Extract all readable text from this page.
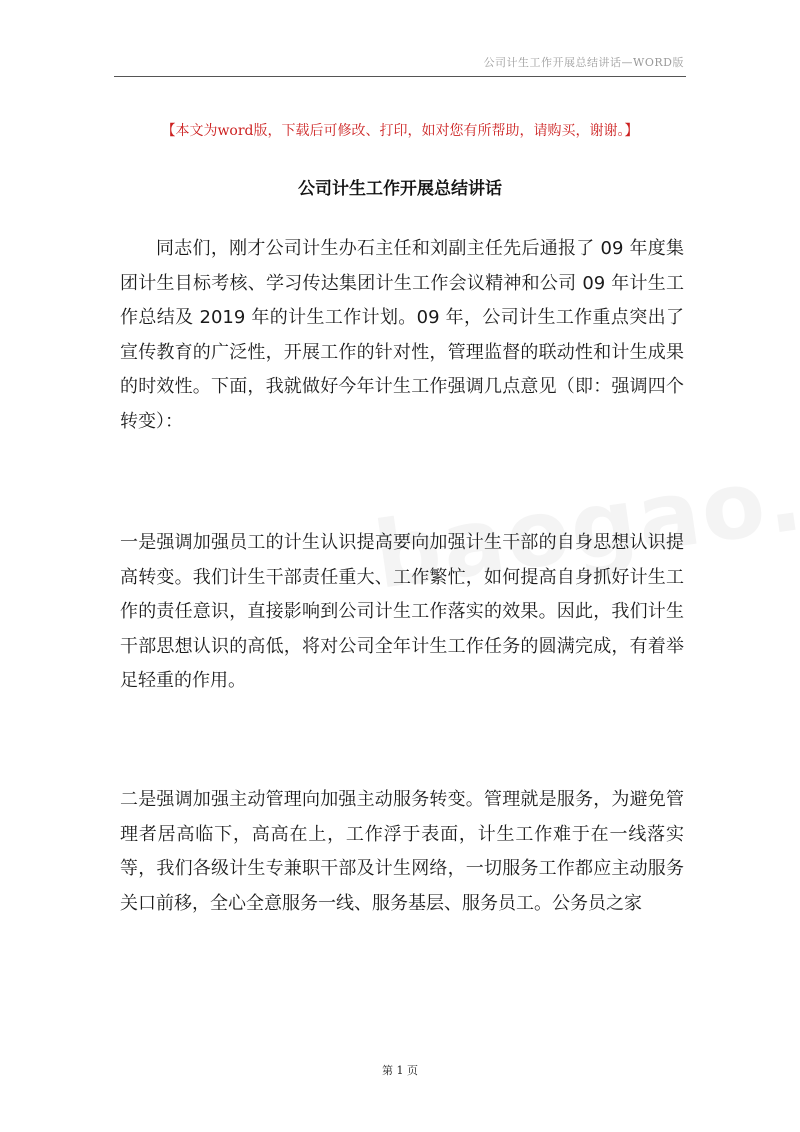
公司计生工作开展总结讲话—WORD版
【本文为word版，下载后可修改、打印，如对您有所帮助，请购买，谢谢。】
公司计生工作开展总结讲话

同志们，刚才公司计生办石主任和刘副主任先后通报了 09 年度集团计生目标考核、学习传达集团计生工作会议精神和公司 09 年计生工作总结及 2019 年的计生工作计划。09 年，公司计生工作重点突出了宣传教育的广泛性，开展工作的针对性，管理监督的联动性和计生成果的时效性。下面，我就做好今年计生工作强调几点意见（即：强调四个转变）：

一是强调加强员工的计生认识提高要向加强计生干部的自身思想认识提高转变。我们计生干部责任重大、工作繁忙，如何提高自身抓好计生工作的责任意识，直接影响到公司计生工作落实的效果。因此，我们计生干部思想认识的高低，将对公司全年计生工作任务的圆满完成，有着举足轻重的作用。

二是强调加强主动管理向加强主动服务转变。管理就是服务，为避免管理者居高临下，高高在上，工作浮于表面，计生工作难于在一线落实等，我们各级计生专兼职干部及计生网络，一切服务工作都应主动服务关口前移，全心全意服务一线、服务基层、服务员工。公务员之家

第 1 页
